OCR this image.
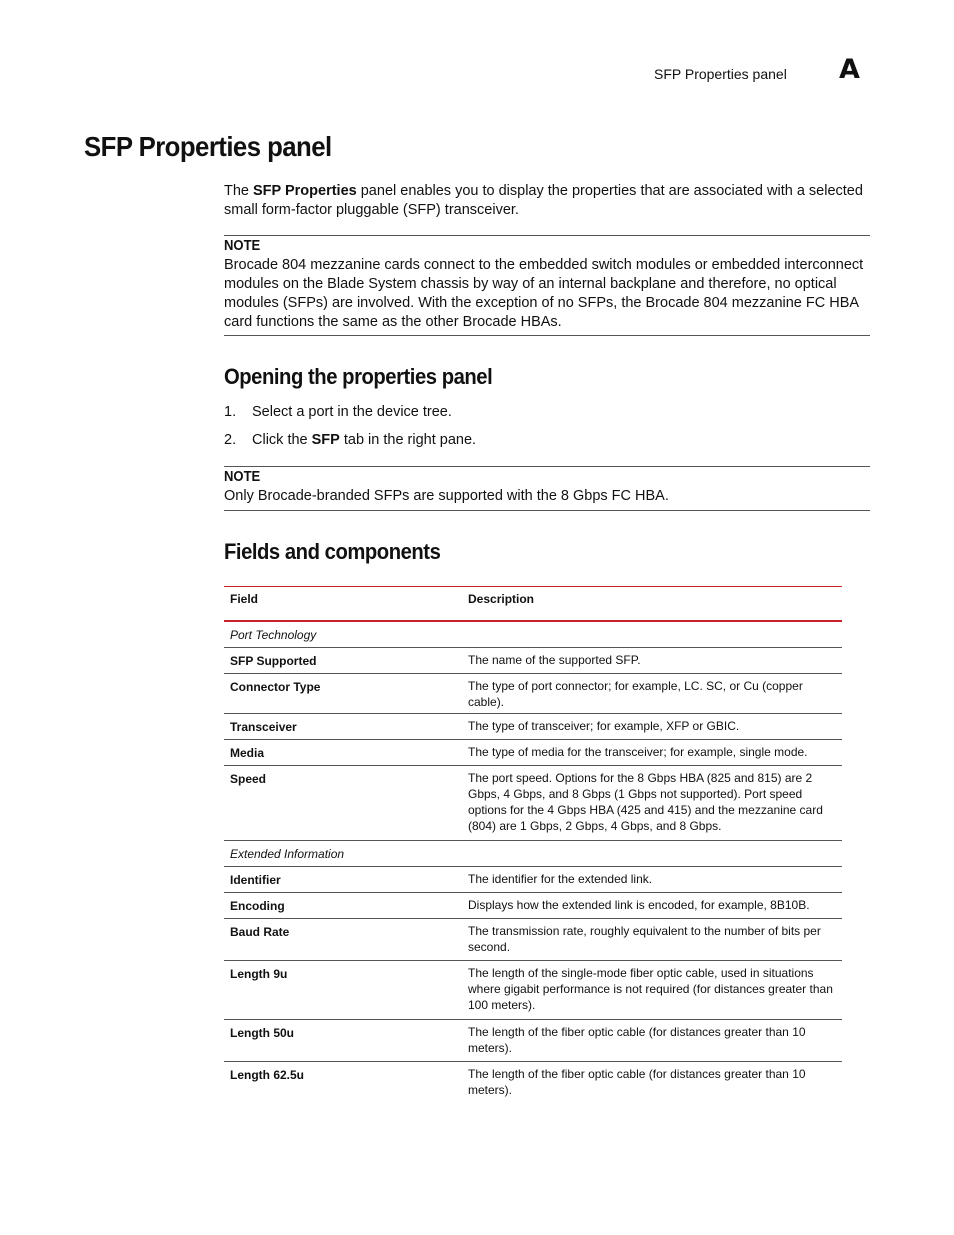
SFP Properties panel A
SFP Properties panel
The SFP Properties panel enables you to display the properties that are associated with a selected small form-factor pluggable (SFP) transceiver.
NOTE
Brocade 804 mezzanine cards connect to the embedded switch modules or embedded interconnect modules on the Blade System chassis by way of an internal backplane and therefore, no optical modules (SFPs) are involved. With the exception of no SFPs, the Brocade 804 mezzanine FC HBA card functions the same as the other Brocade HBAs.
Opening the properties panel
1. Select a port in the device tree.
2. Click the SFP tab in the right pane.
NOTE
Only Brocade-branded SFPs are supported with the 8 Gbps FC HBA.
Fields and components
Field	Description
Port Technology	
SFP Supported	The name of the supported SFP.
Connector Type	The type of port connector; for example, LC. SC, or Cu (copper cable).
Transceiver	The type of transceiver; for example, XFP or GBIC.
Media	The type of media for the transceiver; for example, single mode.
Speed	The port speed. Options for the 8 Gbps HBA (825 and 815) are 2 Gbps, 4 Gbps, and 8 Gbps (1 Gbps not supported). Port speed options for the 4 Gbps HBA (425 and 415) and the mezzanine card (804) are 1 Gbps, 2 Gbps, 4 Gbps, and 8 Gbps.
Extended Information	
Identifier	The identifier for the extended link.
Encoding	Displays how the extended link is encoded, for example, 8B10B.
Baud Rate	The transmission rate, roughly equivalent to the number of bits per second.
Length 9u	The length of the single-mode fiber optic cable, used in situations where gigabit performance is not required (for distances greater than 100 meters).
Length 50u	The length of the fiber optic cable (for distances greater than 10 meters).
Length 62.5u	The length of the fiber optic cable (for distances greater than 10 meters).
